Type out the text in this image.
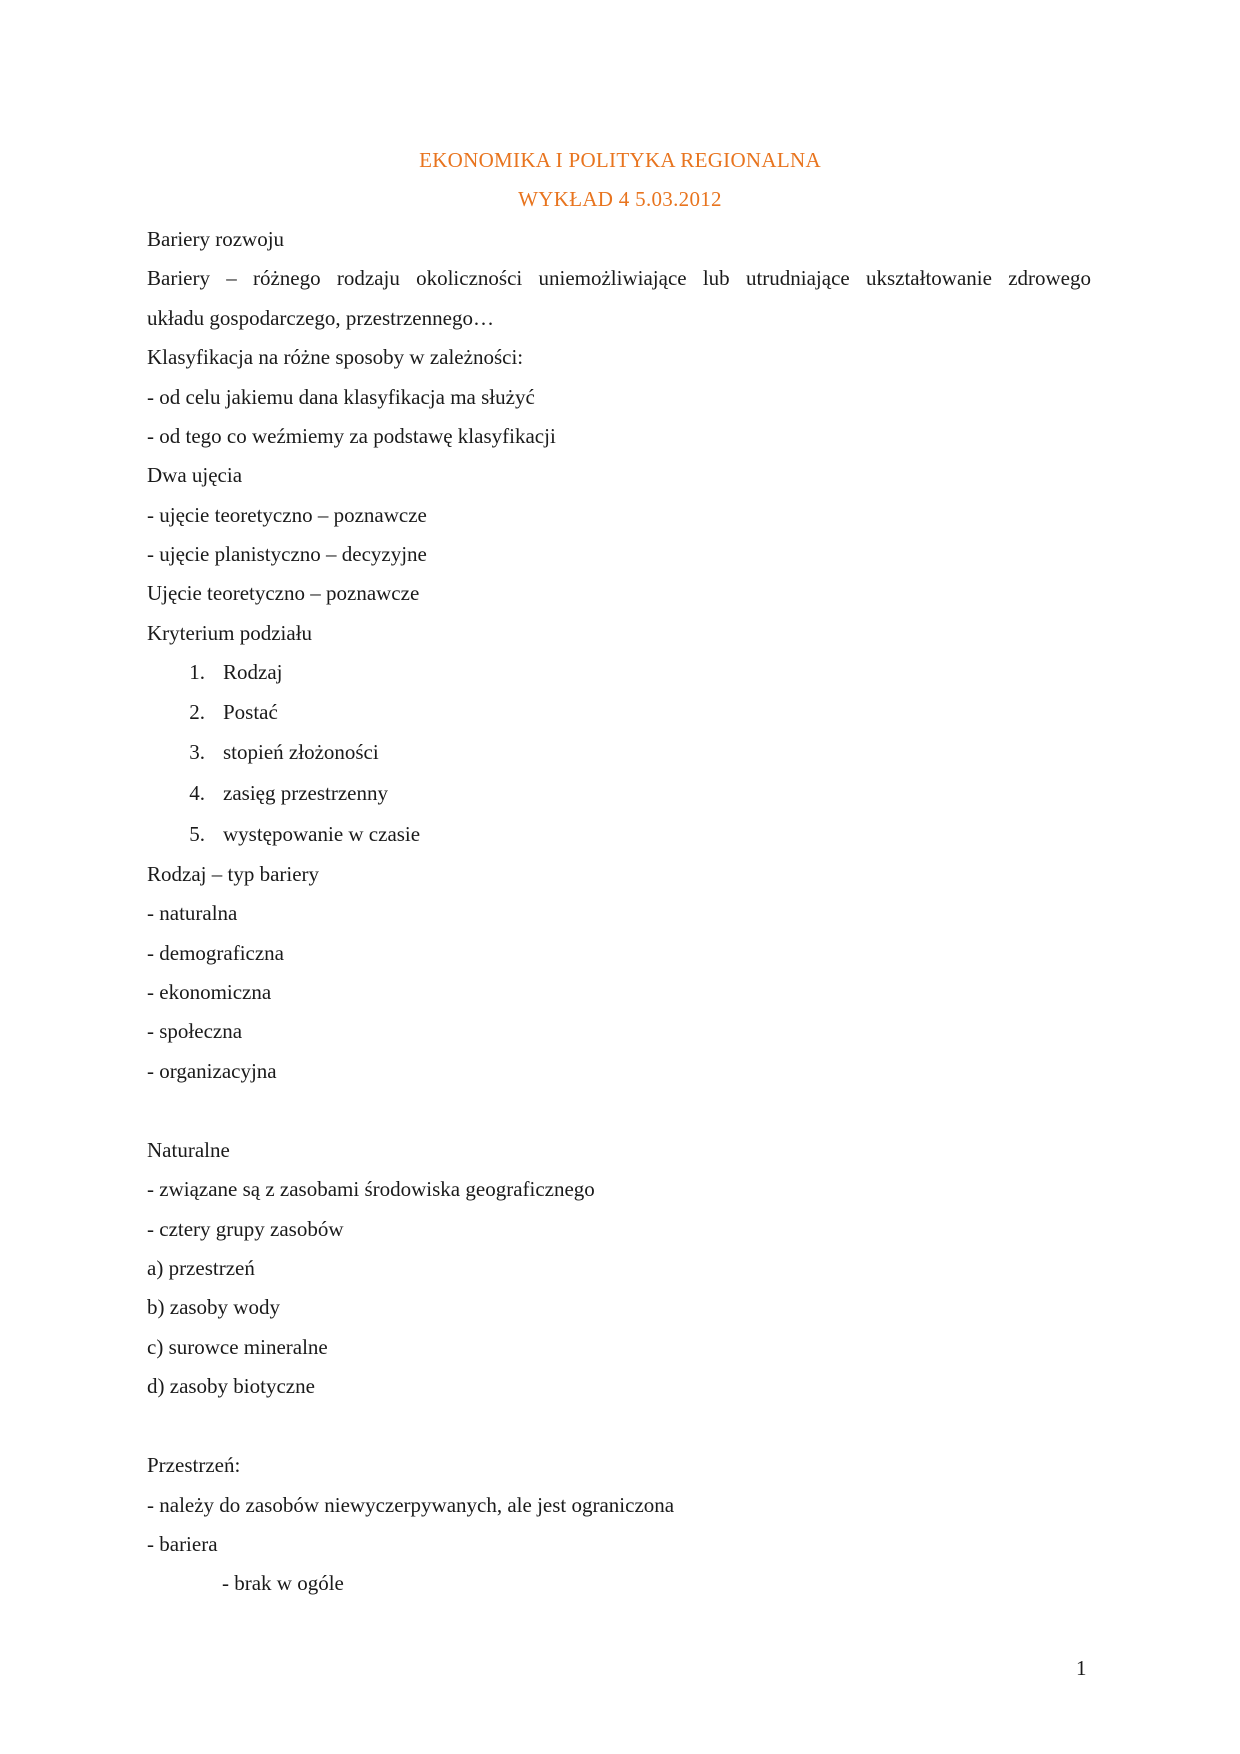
EKONOMIKA I POLITYKA REGIONALNA
WYKŁAD 4 5.03.2012
Bariery rozwoju
Bariery – różnego rodzaju okoliczności uniemożliwiające lub utrudniające ukształtowanie zdrowego
układu gospodarczego, przestrzennego…
Klasyfikacja na różne sposoby w zależności:
- od celu jakiemu dana klasyfikacja ma służyć
- od tego co weźmiemy za podstawę klasyfikacji
Dwa ujęcia
- ujęcie teoretyczno – poznawcze
- ujęcie planistyczno – decyzyjne
Ujęcie teoretyczno – poznawcze
Kryterium podziału
1. Rodzaj
2. Postać
3. stopień złożoności
4. zasięg przestrzenny
5. występowanie w czasie
Rodzaj – typ bariery
- naturalna
- demograficzna
- ekonomiczna
- społeczna
- organizacyjna
Naturalne
- związane są z zasobami środowiska geograficznego
- cztery grupy zasobów
a) przestrzeń
b) zasoby wody
c) surowce mineralne
d) zasoby biotyczne
Przestrzeń:
- należy do zasobów niewyczerpywanych, ale jest ograniczona
- bariera
- brak w ogóle
1
